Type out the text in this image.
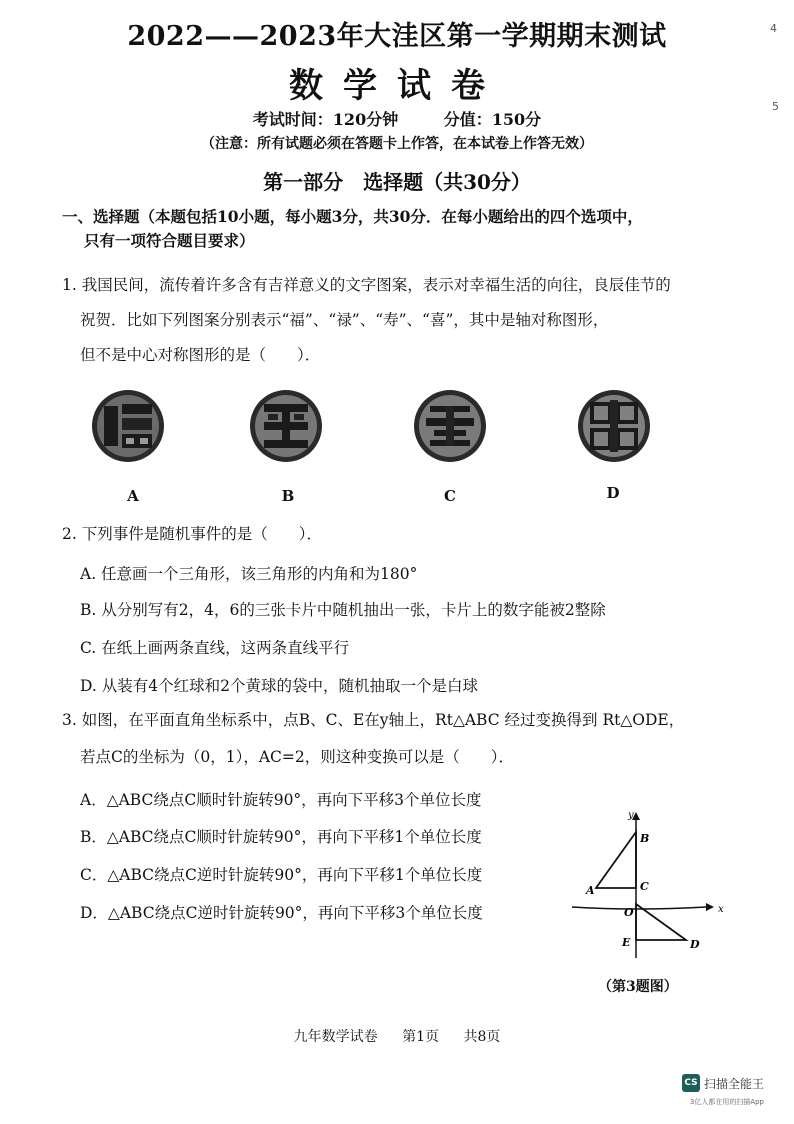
2022——2023年大洼区第一学期期末测试
数学试卷
考试时间：120分钟	分值：150分
（注意：所有试题必须在答题卡上作答，在本试卷上作答无效）
第一部分　选择题（共30分）
一、选择题（本题包括10小题，每小题3分，共30分．在每小题给出的四个选项中，
只有一项符合题目要求）
1. 我国民间，流传着许多含有吉祥意义的文字图案，表示对幸福生活的向往，良辰佳节的
祝贺．比如下列图案分别表示“福”、“禄”、“寿”、“喜”，其中是轴对称图形，
但不是中心对称图形的是（　　）．
A	B	C	D
2. 下列事件是随机事件的是（　　）．
A. 任意画一个三角形，该三角形的内角和为180°
B. 从分别写有2，4，6的三张卡片中随机抽出一张，卡片上的数字能被2整除
C. 在纸上画两条直线，这两条直线平行
D. 从装有4个红球和2个黄球的袋中，随机抽取一个是白球
3. 如图，在平面直角坐标系中，点B、C、E在y轴上，Rt△ABC 经过变换得到 Rt△ODE，
若点C的坐标为（0，1），AC=2，则这种变换可以是（　　）．
A．△ABC绕点C顺时针旋转90°，再向下平移3个单位长度
B．△ABC绕点C顺时针旋转90°，再向下平移1个单位长度
C．△ABC绕点C逆时针旋转90°，再向下平移1个单位长度
D．△ABC绕点C逆时针旋转90°，再向下平移3个单位长度
y
x
B
C
A
O
E	D
（第3题图）
九年数学试卷 第1页 共8页
CS 扫描全能王
3亿人都在用的扫描App
4
5
